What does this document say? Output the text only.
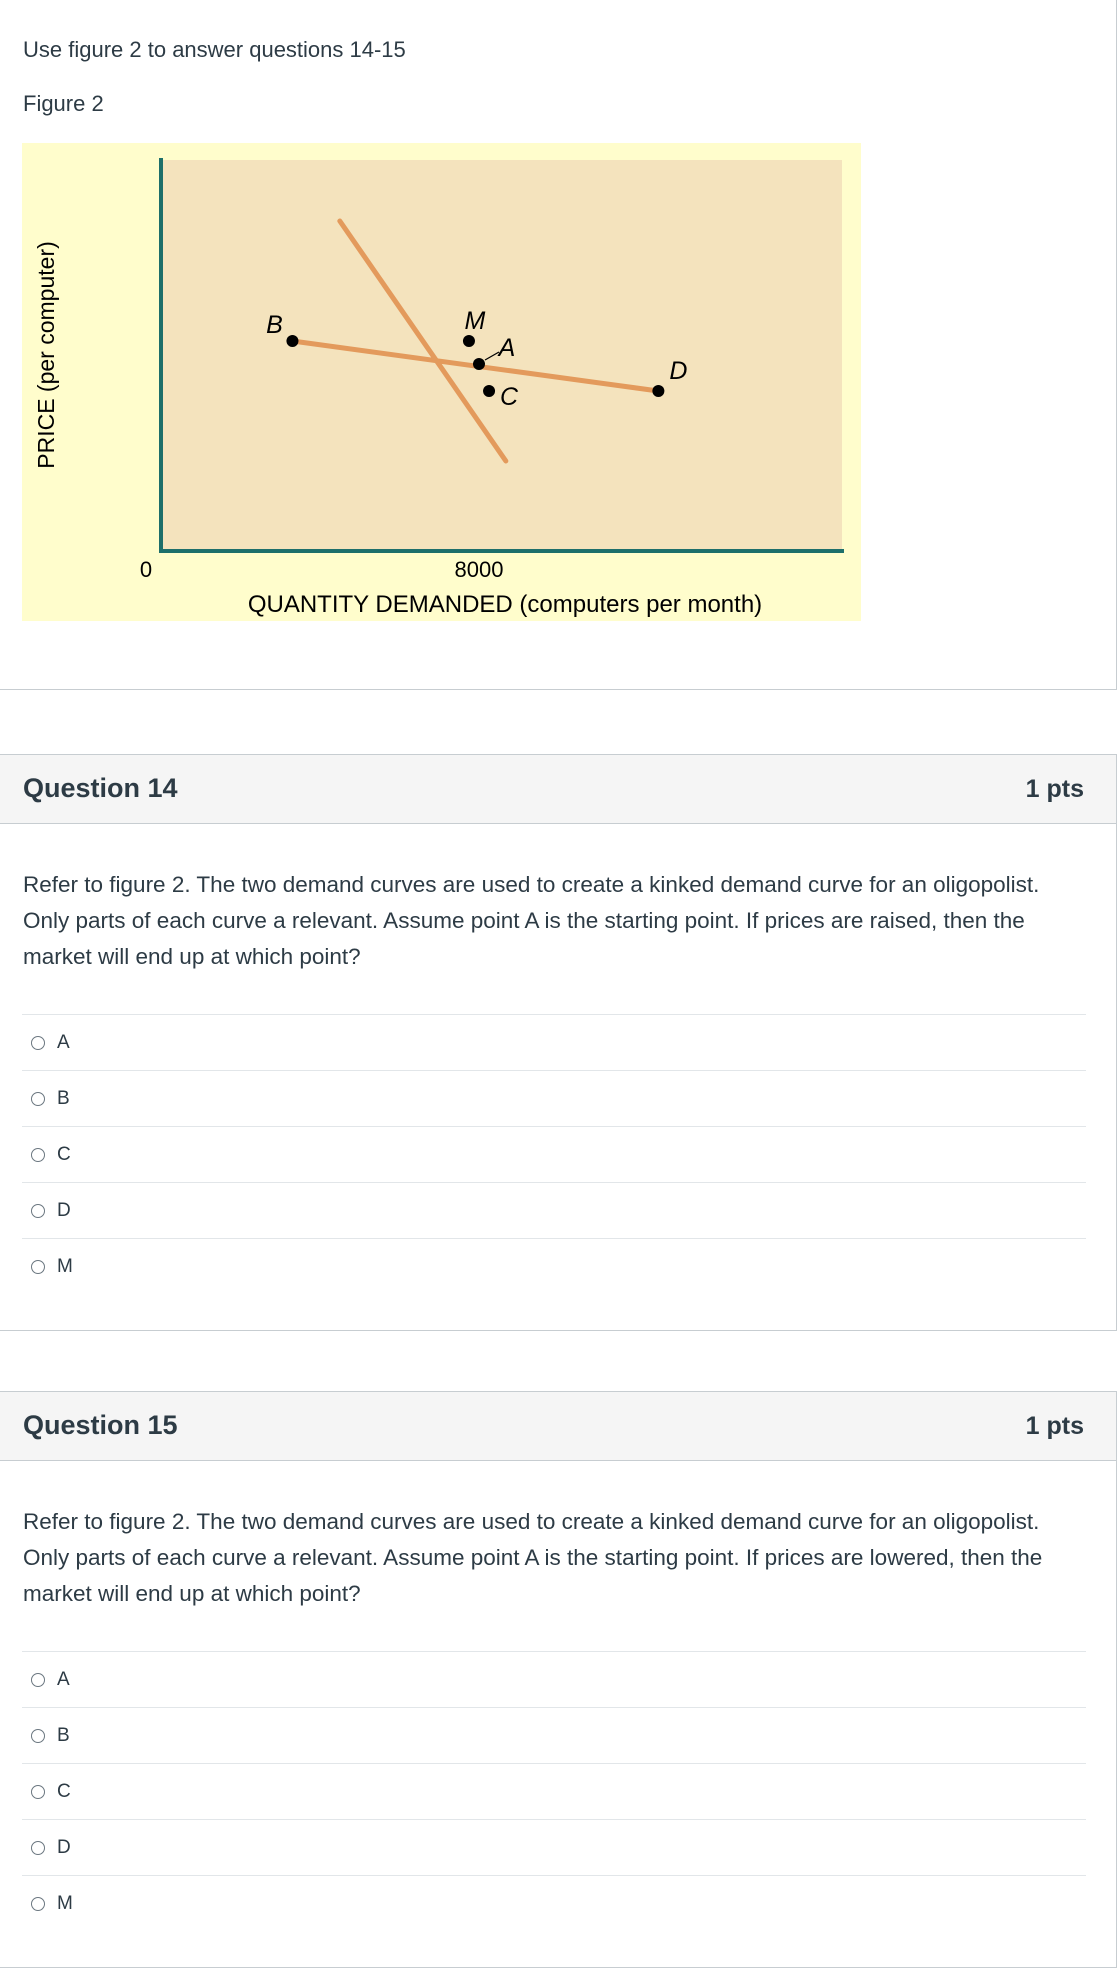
Use figure 2 to answer questions 14-15
Figure 2
PRICE (per computer)
QUANTITY DEMANDED (computers per month)
0	8000
B	M
A
C
D
Question 14	1 pts
Refer to figure 2. The two demand curves are used to create a kinked demand curve for an oligopolist. Only parts of each curve a relevant. Assume point A is the starting point. If prices are raised, then the market will end up at which point?
A
B
C
D
M
Question 15	1 pts
Refer to figure 2. The two demand curves are used to create a kinked demand curve for an oligopolist. Only parts of each curve a relevant. Assume point A is the starting point. If prices are lowered, then the market will end up at which point?
A
B
C
D
M
